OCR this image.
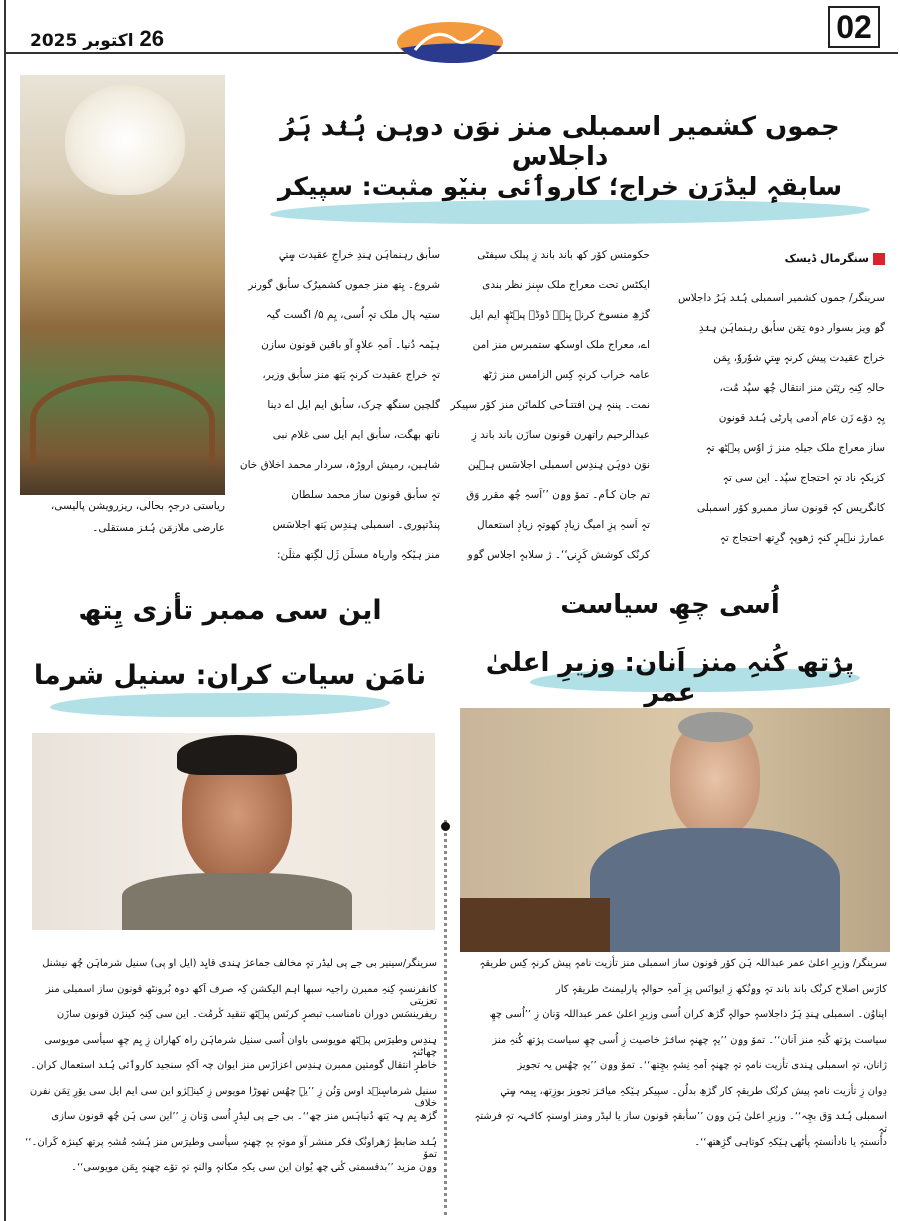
26 اکتوبر 2025	02
جموں کشمیر اسمبلی منز نوَن دوہن ہُنٛد ہَرُ داجلاس
سابقہٕ لیڈرَن خراج؛ کاروٲئی بنیٚو مثبت: سپیکر
سنگرمال ڈیسک
سرینگر/ جموں کشمیر اسمبلی ہُنٛد ہَرُ داجلاس
گۄ ویز بسوار دوہ تِمَن سأبق رہنماہَن ہِنٛدِ
خراج عقیدت پیش کرنہٕ سٟتؠ شوٗروٗ، یِمَن
حالہِ کِنہِ رێتَن منز انتقال چُھ سپُد مُت،
یِہٕ دوٚے زَن عام آدمی پارٹی ہُنٛد قونون
ساز معراج ملک جیلہِ منز ژ اوٗس پٮ۪ٹھ تہٕ
کزبکہٕ ناد تہٕ احتجاج سپُد۔ این سی تہٕ
کانگریس کہٕ قونون ساز ممبرو کوٚر اسمبلی
عمارژ نٮ۪برٕ کنہٕ ژھوپہٕ گرِتھ احتجاج تہٕ
حکومتس کوٚر کھ باند باند زِ پبلک سیفٹی
ایکٹس تحت معراج ملک سٕنز نظر بندی
گژھِ منسوخ کرنہٕ یِنۍ۔ ڈوڈہ پٮ۪ٹھٕ ایم ایل
اے، معراج ملک اوسکھ ستمبرس منز امن
عامہ خراب کرنہٕ کِس الزامس منز ژٹھ
نمت۔ پننہٕ ہِن افتتٲحی کلماتَن منز کوٚر سپیکر
عبدالرحیم راتھرن قونون سازَن باند باند زِ
نوَن دوہَن ہِندِس اسمبلی اجلاسَس ہٮ۪ین
تم جان کٲم۔ تموٚ وۄن ’’اَسہِ چُھ مقرر وَق
تہٕ اَسہِ پزِ امیگ زیادٕ کھوتہٕ زیادٕ استعمال
کرنُک کوشش کَرٕنۍ‘‘۔ ژ سلابہٕ اجلاس گۄو
سأبق رہنماہَن ہِندِ خراجِ عقیدت سٟتؠ
شروع۔ یِتھ منز جموں کشمیرُک سأبق گورنر
ستیہ پال ملک تہٕ اُسی، یِم ۵/ اگست گیہ
ہیٚمہ دُنیا۔ اَمہِ علاوٕ آو باقین قونون سازن
تہٕ خراج عقیدت کرنہٕ یَتھ منز سأبق وزیر،
گلچین سنگھ چرک، سأبق ایم ایل اے دینا
ناتھ بھگت، سأبق ایم ایل سی غلام نبی
شاہین، رمیش اروڑہ، سردار محمد اخلاق خان
تہٕ سأبق قونون ساز محمد سلطان
پنڈتپوری۔ اسمبلی ہِندِس یَتھ اجلاسَس
منز ہیٚکہِ واریاہ مسلَن ژَل لگِتھ مثلَن:
ریاستی درجہٕ بحالی، ریزرویشن پالیسی،
عارضی ملازمَن ہُنٛز مستقلی۔
این سی ممبر تأزی یِتھ
نامَن سیات کران: سنیل شرما
سرینگر/سینیر بی جے پی لیڈر تہٕ مخالف جماعژ ہِندی قایِد (ایل او پی) سنیل شرماہَن چُھ نیشنل
کانفرنسہٕ کِنہِ ممبرن راجیہ سبھا اہم الیکشن کِہ صرف اَکھ دوہ بُرونٹھ قونون ساز اسمبلی منز تعزیتی
ریفرینسَس دوران نامناسب تبصرٕ کرنَس پٮ۪ٹھ تنقید کٔرمُت۔ این سی کِنہِ کینژن قونون سازَن
ہِندِس وطیرَس پٮ۪ٹھ مویوسی باوان اُسی سنیل شرماہَن راہ کھاران زِ یِم چھِ سیأسی مویوسی چھاٹنہٕ
خاطرٕ انتقال گومتین ممبرن ہِندِس اعزازَس منز ایوان چہ اَکہٕ سنجید کاروٲئی ہُنٛد استعمال کران۔
سنیل شرماسٕنٛد اوس وَنُن زِ ’’یہٕ چھُس تھوڑا مویوس زِ کینٛژو این سی ایم ایل سی یوٚرِ تِمَن نفرن خلاف
گژھ یِم ہٕہ یَتھ دُنیاہَس منز چھ‘‘۔ بی جے پی لیڈرٕ اُسی وَنان زِ ’’این سی ہَن چُھ قونون سازی
ہُنٛد ضابطٕ ژھراونُک فکر منشر آو موتہٕ یہٕ چھنہٕ سیأسی وطیرَس منز ہُشہِ مُشہِ پرتھ کینژہ کَران۔‘‘ تموٚ
وۄن مزید ’’بدقسمتی کٔنۍ چھ یُوان این سی یکہِ مکانہٕ والنہٕ تہٕ توٚے چھنہٕ یِمَن مویوسی‘‘۔
اُسی چھِ سیاست
پرٛتھ کُنہِ منز اَنان: وزیرِ اعلیٰ عمر
سرینگر/ وزیرِ اعلیٰ عمر عبداللہ ہَن کوٚر قونون ساز اسمبلی منز تأزیت نامہٕ پیش کرنہٕ کِس طریقہٕ
کارَس اصلاح کرنُک باند باند تہٕ وۄنُکھ زِ ایوانَس پزِ اَمہِ حوالہٕ پارلیمنٹ طریقہٕ کار
اپناوُن۔ اسمبلی ہِندِ ہَرُ داجلاسہٕ حوالہٕ گژھ کران اُسی وزیرِ اعلیٰ عمر عبداللہ وَنان زِ ’’اُسی چھِ
سیاست پرٛتھ کُنہِ منز اَنان‘‘۔ تموٚ وۄن ’’یہٕ چھنہٕ سانٛژ خاصیت زِ اُسی چھِ سیاست پرٛتھ کُنہِ منز
ژانان، تہٕ اسمبلی ہِندی تأزیت نامہٕ تہٕ چھنہٕ اَمہِ نِشہٕ بچِتھ‘‘۔ تموٚ وۄن ’’یہٕ چھُس یہ تجویز
دِوان زِ تأزیت نامہٕ پیش کرنُک طریقہٕ کار گژھِ بدلُن۔ سپیکر ہیٚکہِ میانٛز تجویز بوزِتھ، یِیمہ سٟتؠ
اسمبلی ہُنٛد وَق بچِہ‘‘۔ وزیرِ اعلیٰ ہَن وۄن ’’سأبقہٕ قونون ساز یا لیڈر ومنز اوسنہٕ کانٛہہ تہٕ فرشتہٕ تہٕ
دأنستہٕ یا نادأنستہٕ پأٹھۍ ہیٚکہِ کوتاہی گژِھتھ‘‘۔
